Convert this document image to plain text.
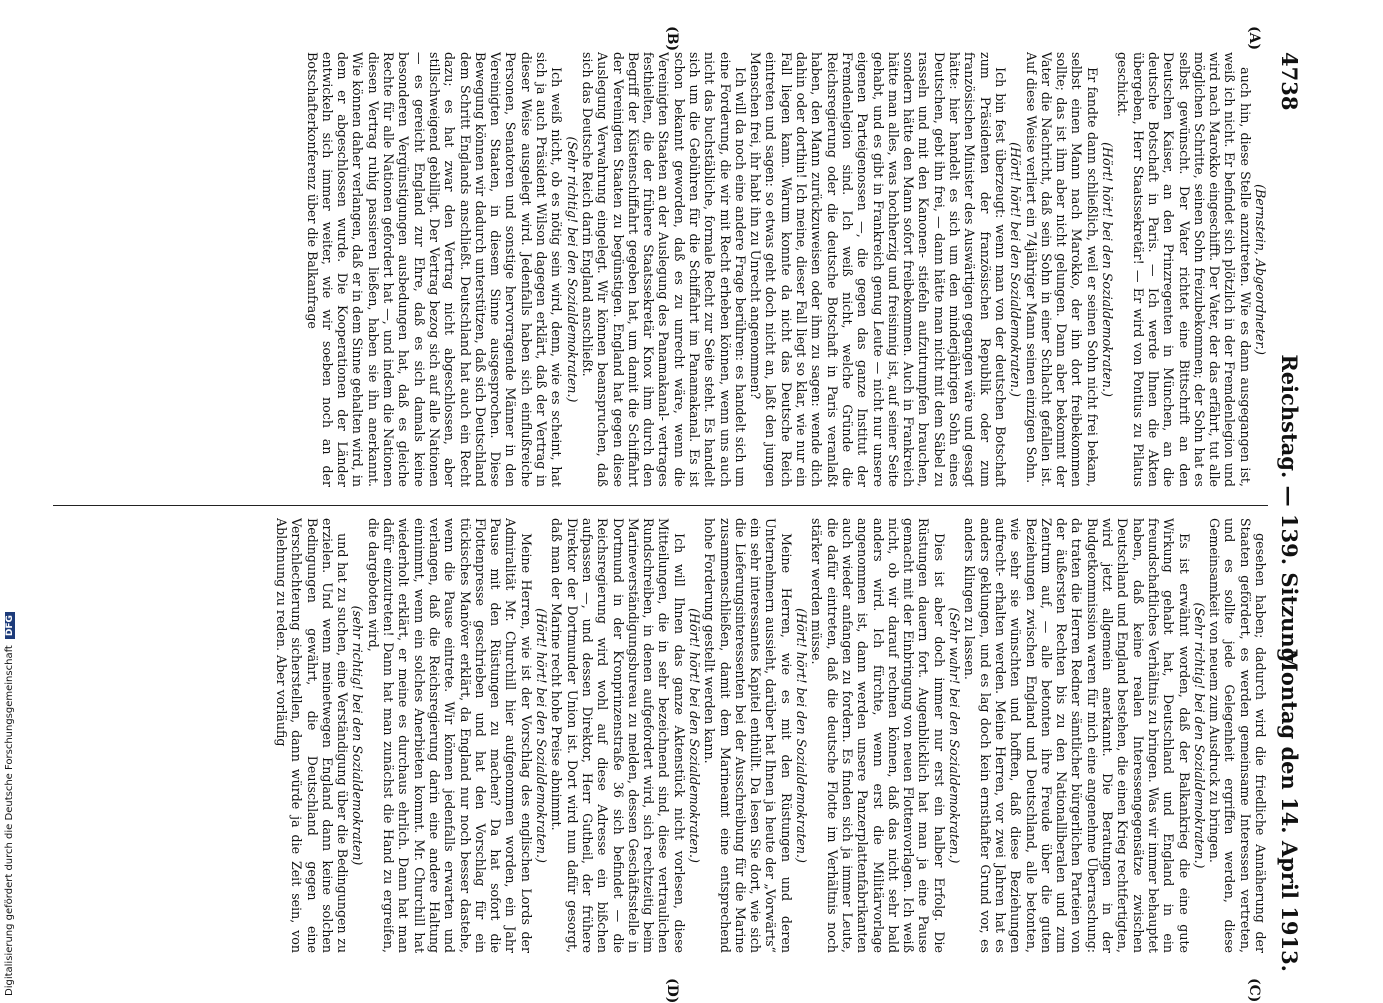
4738
Reichstag. — 139. Sitzung.
Montag den 14. April 1913.
(A)
(B)
(C)
(D)

(Bernstein, Abgeordneter.)

auch hin, diese Stelle anzutreten. Wie es dann ausgegangen ist, weiß ich nicht. Er befindet sich plötzlich in der Fremdenlegion und wird nach Marokko eingeschifft. Der Vater, der das erfährt, tut alle möglichen Schritte, seinen Sohn freizubekommen; der Sohn hat es selbst gewünscht. Der Vater richtet eine Bittschrift an den Deutschen Kaiser, an den Prinzregenten in München, an die deutsche Botschaft in Paris. — Ich werde Ihnen die Akten übergeben, Herr Staatssekretär! — Er wird von Pontius zu Pilatus geschickt.

(Hört! hört! bei den Sozialdemokraten.)

Er fandte dann schließlich, weil er seinen Sohn nicht frei bekam, selbst einen Mann nach Marokko, der ihn dort freibekommen sollte; das ist ihm aber nicht gelungen. Dann aber bekommt der Vater die Nachricht, daß sein Sohn in einer Schlacht gefallen ist. Auf diese Weise verliert ein 74jähriger Mann seinen einzigen Sohn.

(Hört! hört! bei den Sozialdemokraten.)

Ich bin fest überzeugt: wenn man von der deutschen Botschaft zum Präsidenten der französischen Republik oder zum französischen Minister des Auswärtigen gegangen wäre und gesagt hätte: hier handelt es sich um den minderjährigen Sohn eines Deutschen, gebt ihn frei, — dann hätte man nicht mit dem Säbel zu rasseln und mit den Kanonen- stiefeln aufzutrumpfen brauchen, sondern hätte den Mann sofort freibekommen. Auch in Frankreich hätte man alles, was hochherzig und freisinnig ist, auf seiner Seite gehabt, und es gibt in Frankreich genug Leute — nicht nur unsere eigenen Parteigenossen —, die gegen das ganze Institut der Fremdenlegion sind. Ich weiß nicht, welche Gründe die Reichsregierung oder die deutsche Botschaft in Paris veranlaßt haben, den Mann zurückzuweisen oder ihm zu sagen: wende dich dahin oder dorthin! Ich meine, dieser Fall liegt so klar, wie nur ein Fall liegen kann. Warum konnte da nicht das Deutsche Reich eintreten und sagen: so etwas geht doch nicht an, laßt den jungen Menschen frei, ihr habt ihn zu Unrecht angenommen?

Ich will da noch eine andere Frage berühren: es handelt sich um eine Forderung, die wir mit Recht erheben können, wenn uns auch nicht das buchstäbliche, formale Recht zur Seite steht. Es handelt sich um die Gebühren für die Schiffahrt im Panamakanal. Es ist schon bekannt geworden, daß es zu unrecht wäre, wenn die Vereinigten Staaten an der Auslegung des Panamakanal- vertrages festhielten, die der frühere Staatssekretär Knox ihm durch den Begriff der Küstenschiffahrt gegeben hat, um damit die Schiffahrt der Vereinigten Staaten zu begünstigen. England hat gegen diese Auslegung Verwahrung eingelegt. Wir können beanspruchen, daß sich das Deutsche Reich darin England anschließt.

(Sehr richtig! bei den Sozialdemokraten.)

Ich weiß nicht, ob es nötig sein wird, denn, wie es scheint, hat sich ja auch Präsident Wilson dagegen erklärt, daß der Vertrag in dieser Weise ausgelegt wird. Jedenfalls haben sich einflußreiche Personen, Senatoren und sonstige hervorragende Männer in den Vereinigten Staaten, in diesem Sinne ausgesprochen. Diese Bewegung können wir dadurch unterstützen, daß sich Deutschland dem Schritt Englands anschließt. Deutschland hat auch ein Recht dazu; es hat zwar den Vertrag nicht abgeschlossen, aber stillschweigend gebilligt. Der Vertrag bezog sich auf alle Nationen — es gereicht England zur Ehre, daß es sich damals keine besonderen Vergünstigungen ausbedungen hat, daß es gleiche Rechte für alle Nationen gefordert hat —, und indem die Nationen diesen Vertrag ruhig passieren ließen, haben sie ihn anerkannt. Wie können daher verlangen, daß er in dem Sinne gehalten wird, in dem er abgeschlossen wurde. Die Kooperationen der Länder entwickeln sich immer weiter, wie wir soeben noch an der Botschafterkonferenz über die Balkanfrage

gesehen haben; dadurch wird die friedliche Annäherung der Staaten gefördert, es werden gemeinsame Interessen vertreten, und es sollte jede Gelegenheit ergriffen werden, diese Gemeinsamkeit von neuem zum Ausdruck zu bringen.

(Sehr richtig! bei den Sozialdemokraten.)

Es ist erwähnt worden, daß der Balkankrieg die eine gute Wirkung gehabt hat, Deutschland und England in ein freundschaftliches Verhältnis zu bringen. Was wir immer behauptet haben, daß keine realen Interessengegensätze zwischen Deutschland und England bestehen, die einen Krieg rechtfertigten, wird jetzt allgemein anerkannt. Die Beratungen in der Budgetkommission waren für mich eine angenehme Überraschung: da traten die Herren Redner sämtlicher bürgerlichen Parteien von der äußersten Rechten bis zu den Nationalliberalen und zum Zentrum auf, — alle betonten ihre Freude über die guten Beziehungen zwischen England und Deutschland, alle betonten, wie sehr sie wünschten und hofften, daß diese Beziehungen aufrecht- erhalten werden. Meine Herren, vor zwei Jahren hat es anders geklungen, und es lag doch kein ernsthafter Grund vor, es anders klingen zu lassen.

(Sehr wahr! bei den Sozialdemokraten.)

Dies ist aber doch immer nur erst ein halber Erfolg. Die Rüstungen dauern fort. Augenblicklich hat man ja eine Pause gemacht mit der Einbringung von neuen Flottenvorlagen. Ich weiß nicht, ob wir darauf rechnen können, daß das nicht sehr bald anders wird. Ich fürchte, wenn erst die Militärvorlage angenommen ist, dann werden unsere Panzerplattenfabrikanten auch wieder anfangen zu fordern. Es finden sich ja immer Leute, die dafür eintreten, daß die deutsche Flotte im Verhältnis noch stärker werden müsse.

(Hört! hört! bei den Sozialdemokraten.)

Meine Herren, wie es mit den Rüstungen und deren Unternehmern aussieht, darüber hat Ihnen ja heute der „Vorwärts“ ein sehr interessantes Kapitel enthüllt. Da lesen Sie dort, wie sich die Lieferungsinteressenten bei der Ausschreibung für die Marine zusammenschließen, damit dem Marineamt eine entsprechend hohe Forderung gestellt werden kann.

(Hört! hört! bei den Sozialdemokraten.)

Ich will Ihnen das ganze Aktenstück nicht vorlesen, diese Mitteilungen, die in sehr bezeichnend sind, diese vertraulichen Rundschreiben, in denen aufgefordert wird, sich rechtzeitig beim Marineverständigungsbureau zu melden, dessen Geschäftsstelle in Dortmund in der Kronprinzenstraße 36 sich befindet — die Reichsregierung wird wohl auf diese Adresse ein bißchen aufpassen —, und dessen Direktor, Herr Gutheil, der frühere Direktor der Dortmunder Union ist. Dort wird nun dafür gesorgt, daß man der Marine recht hohe Preise abnimmt.

(Hört! hört! bei den Sozialdemokraten.)

Meine Herren, wie ist der Vorschlag des englischen Lords der Admiralität Mr. Churchill hier aufgenommen worden, ein Jahr Pause mit den Rüstungen zu machen? Da hat sofort die Flottenpresse geschrieben und hat den Vorschlag für ein tückisches Manöver erklärt, da England nur noch besser dastehe, wenn die Pause eintrete. Wir können jedenfalls erwarten und verlangen, daß die Reichsregierung darin eine andere Haltung einnimmt, wenn ein solches Anerbieten kommt. Mr. Churchill hat wiederholt erklärt, er meine es durchaus ehrlich. Dann hat man dafür einzutreten! Dann hat man zunächst die Hand zu ergreifen, die dargeboten wird,

(sehr richtig! bei den Sozialdemokraten)

und hat zu suchen, eine Verständigung über die Bedingungen zu erzielen. Und wenn meinetwegen England dann keine solchen Bedingungen gewährt, die Deutschland gegen eine Verschlechterung sicherstellen, dann würde ja die Zeit sein, von Ablehnung zu reden. Aber vorläufig

Digitalisierung gefördert durch die Deutsche ForschungsgemeinschaftDFG
